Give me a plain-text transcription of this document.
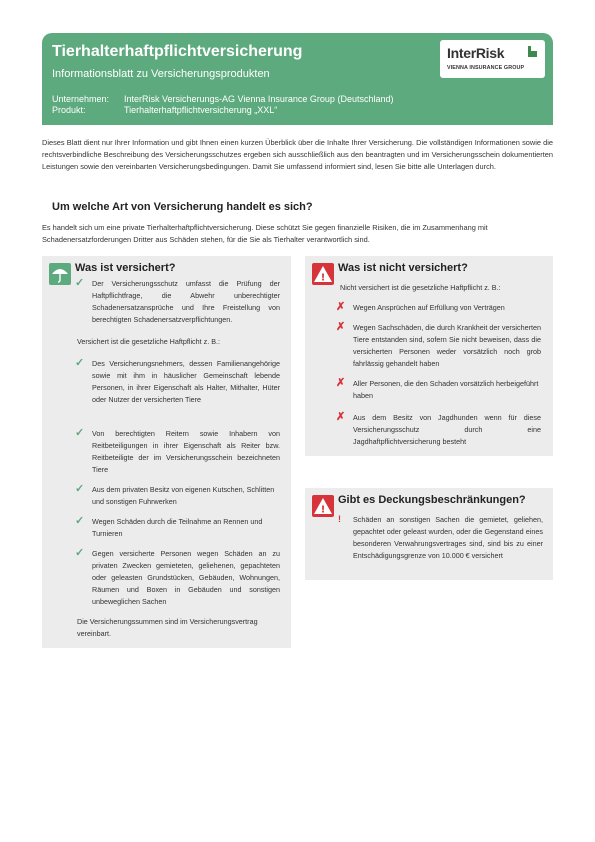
Tierhalterhaftpflichtversicherung
Informationsblatt zu Versicherungsprodukten
Unternehmen:	InterRisk Versicherungs-AG Vienna Insurance Group (Deutschland)
Produkt:	Tierhalterhaftpflichtversicherung „XXL“
InterRisk
VIENNA INSURANCE GROUP
Dieses Blatt dient nur Ihrer Information und gibt Ihnen einen kurzen Überblick über die Inhalte Ihrer Versicherung. Die vollständigen Informationen sowie die rechtsverbindliche Beschreibung des Versicherungsschutzes ergeben sich ausschließlich aus den beantragten und im Versicherungsschein dokumentierten Leistungen sowie den vereinbarten Versicherungsbedingungen. Damit Sie umfassend informiert sind, lesen Sie bitte alle Unterlagen durch.
Um welche Art von Versicherung handelt es sich?
Es handelt sich um eine private Tierhalterhaftpflichtversicherung. Diese schützt Sie gegen finanzielle Risiken, die im Zusammenhang mit Schadenersatzforderungen Dritter aus Schäden stehen, für die Sie als Tierhalter verantwortlich sind.
Was ist versichert?
✓ Der Versicherungsschutz umfasst die Prüfung der Haftpflichtfrage, die Abwehr unberechtigter Schadenersatzansprüche und Ihre Freistellung von berechtigten Schadenersatzverpflichtungen.
Versichert ist die gesetzliche Haftpflicht z. B.:
✓ Des Versicherungsnehmers, dessen Familienangehörige sowie mit ihm in häuslicher Gemeinschaft lebende Personen, in ihrer Eigenschaft als Halter, Mithalter, Hüter oder Nutzer der versicherten Tiere
✓ Von berechtigten Reitern sowie Inhabern von Reitbeteiligungen in ihrer Eigenschaft als Reiter bzw. Reitbeteiligte der im Versicherungsschein bezeichneten Tiere
✓ Aus dem privaten Besitz von eigenen Kutschen, Schlitten und sonstigen Fuhrwerken
✓ Wegen Schäden durch die Teilnahme an Rennen und Turnieren
✓ Gegen versicherte Personen wegen Schäden an zu privaten Zwecken gemieteten, geliehenen, gepachteten oder geleasten Grundstücken, Gebäuden, Wohnungen, Räumen und Boxen in Gebäuden und sonstigen unbeweglichen Sachen
Die Versicherungssummen sind im Versicherungsvertrag vereinbart.
!
Was ist nicht versichert?
Nicht versichert ist die gesetzliche Haftpflicht z. B.:
✗ Wegen Ansprüchen auf Erfüllung von Verträgen
✗ Wegen Sachschäden, die durch Krankheit der versicherten Tiere entstanden sind, sofern Sie nicht beweisen, dass die versicherten Personen weder vorsätzlich noch grob fahrlässig gehandelt haben
✗ Aller Personen, die den Schaden vorsätzlich herbeigeführt haben
✗ Aus dem Besitz von Jagdhunden wenn für diese Versicherungsschutz durch eine Jagdhaftpflichtversicherung besteht
!
Gibt es Deckungsbeschränkungen?
! Schäden an sonstigen Sachen die gemietet, geliehen, gepachtet oder geleast wurden, oder die Gegenstand eines besonderen Verwahrungsvertrages sind, sind bis zu einer Entschädigungsgrenze von 10.000 € versichert
